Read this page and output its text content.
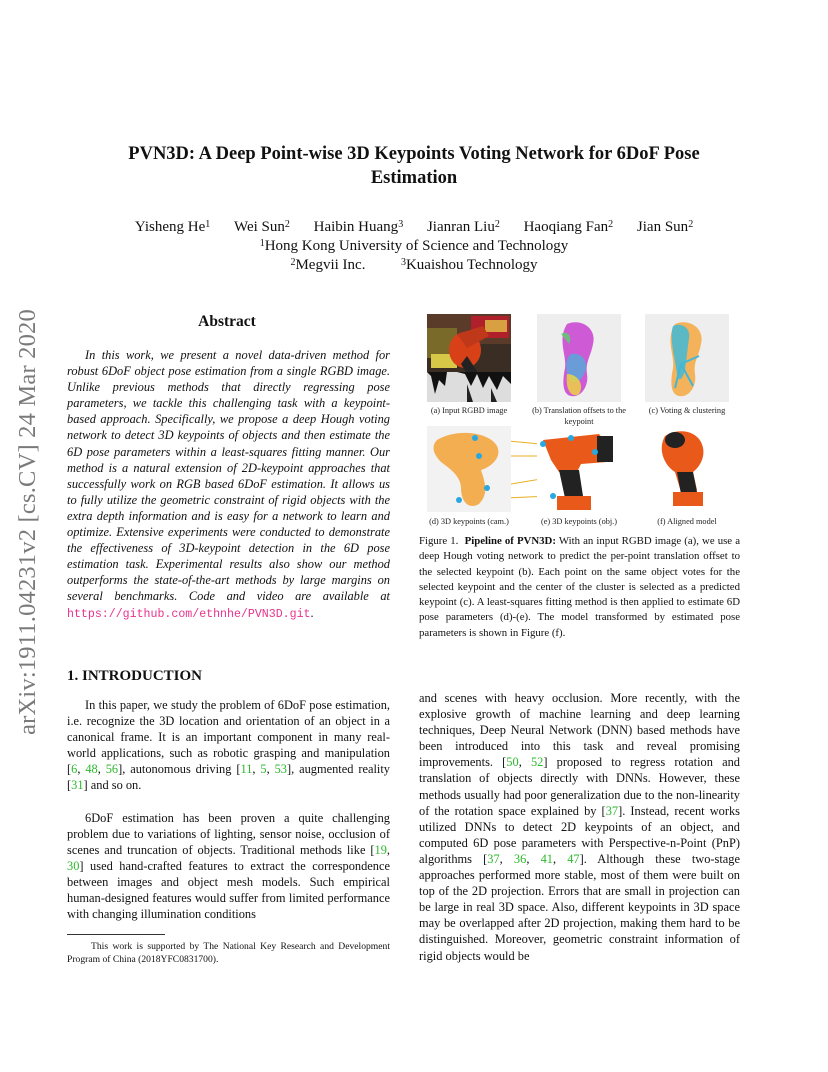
arXiv:1911.04231v2 [cs.CV] 24 Mar 2020
PVN3D: A Deep Point-wise 3D Keypoints Voting Network for 6DoF Pose
Estimation
Yisheng He$^1$ Wei Sun$^2$ Haibin Huang$^3$ Jianran Liu$^2$ Haoqiang Fan$^2$ Jian Sun$^2$
$^1$Hong Kong University of Science and Technology
$^2$Megvii Inc.	$^3$Kuaishou Technology
Abstract
In this work, we present a novel data-driven method for robust 6DoF object pose estimation from a single RGBD image. Unlike previous methods that directly regressing pose parameters, we tackle this challenging task with a keypoint-based approach. Specifically, we propose a deep Hough voting network to detect 3D keypoints of objects and then estimate the 6D pose parameters within a least-squares fitting manner. Our method is a natural extension of 2D-keypoint approaches that successfully work on RGB based 6DoF estimation. It allows us to fully utilize the geometric constraint of rigid objects with the extra depth information and is easy for a network to learn and optimize. Extensive experiments were conducted to demonstrate the effectiveness of 3D-keypoint detection in the 6D pose estimation task. Experimental results also show our method outperforms the state-of-the-art methods by large margins on several benchmarks. Code and video are available at https://github.com/ethnhe/PVN3D.git.
1. INTRODUCTION

In this paper, we study the problem of 6DoF pose estimation, i.e. recognize the 3D location and orientation of an object in a canonical frame. It is an important component in many real-world applications, such as robotic grasping and manipulation [6, 48, 56], autonomous driving [11, 5, 53], augmented reality [31] and so on.

6DoF estimation has been proven a quite challenging problem due to variations of lighting, sensor noise, occlusion of scenes and truncation of objects. Traditional methods like [19, 30] used hand-crafted features to extract the correspondence between images and object mesh models. Such empirical human-designed features would suffer from limited performance with changing illumination conditions

This work is supported by The National Key Research and Development Program of China (2018YFC0831700).

and scenes with heavy occlusion. More recently, with the explosive growth of machine learning and deep learning techniques, Deep Neural Network (DNN) based methods have been introduced into this task and reveal promising improvements. [50, 52] proposed to regress rotation and translation of objects directly with DNNs. However, these methods usually had poor generalization due to the non-linearity of the rotation space explained by [37]. Instead, recent works utilized DNNs to detect 2D keypoints of an object, and computed 6D pose parameters with Perspective-n-Point (PnP) algorithms [37, 36, 41, 47]. Although these two-stage approaches performed more stable, most of them were built on top of the 2D projection. Errors that are small in projection can be large in real 3D space. Also, different keypoints in 3D space may be overlapped after 2D projection, making them hard to be distinguished. Moreover, geometric constraint information of rigid objects would be

(a) Input RGBD image	(b) Translation offsets to the keypoint
(c) Voting & clustering
(d) 3D keypoints (cam.)	(e) 3D keypoints (obj.)	(f) Aligned model
Figure 1. Pipeline of PVN3D: With an input RGBD image (a), we use a deep Hough voting network to predict the per-point translation offset to the selected keypoint (b). Each point on the same object votes for the selected keypoint and the center of the cluster is selected as a predicted keypoint (c). A least-squares fitting method is then applied to estimate 6D pose parameters (d)-(e). The model transformed by estimated pose parameters is shown in Figure (f).
